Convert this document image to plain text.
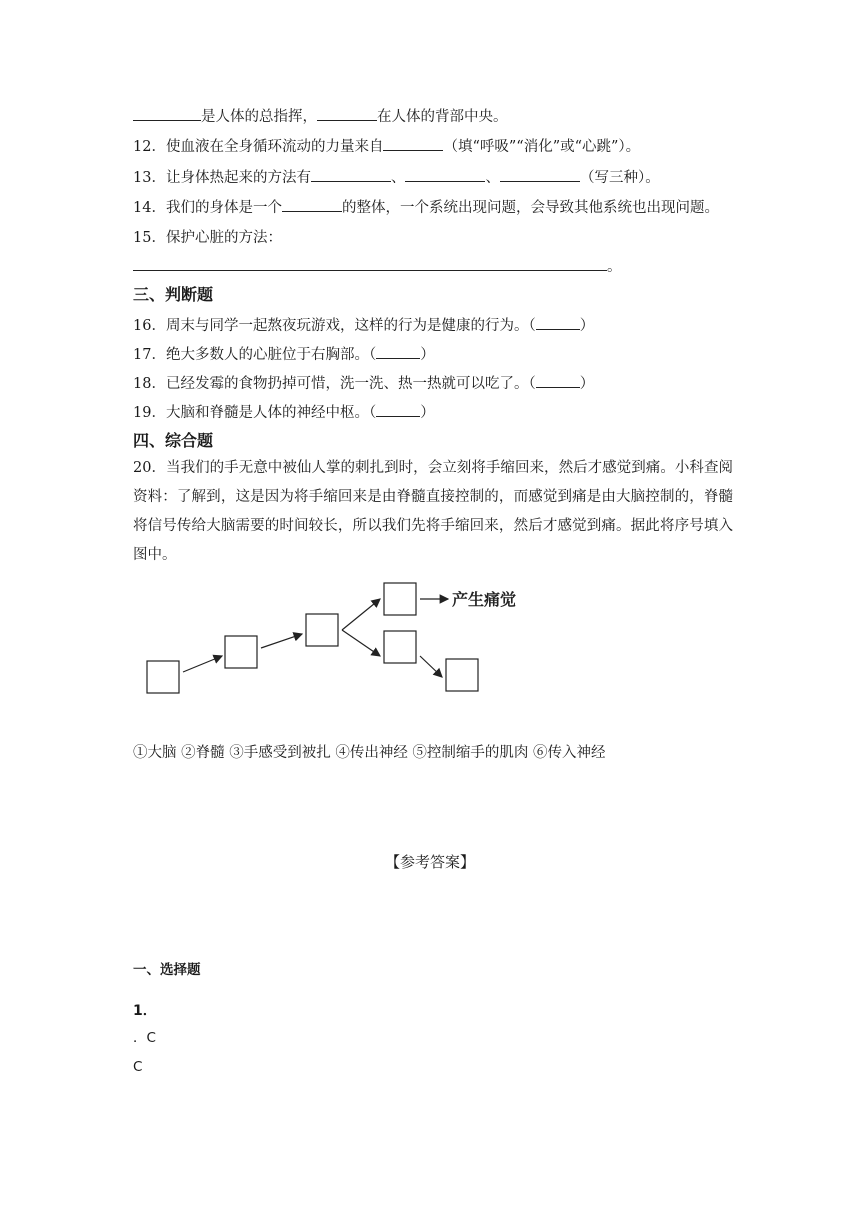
是人体的总指挥，	在人体的背部中央。
12．使血液在全身循环流动的力量来自	（填“呼吸”“消化”或“心跳”）。
13．让身体热起来的方法有	、	、	（写三种）。
14．我们的身体是一个	的整体，一个系统出现问题，会导致其他系统也出现问题。
15．保护心脏的方法：
。
三、判断题
16．周末与同学一起熬夜玩游戏，这样的行为是健康的行为。（	）
17．绝大多数人的心脏位于右胸部。（	）
18．已经发霉的食物扔掉可惜，洗一洗、热一热就可以吃了。（	）
19．大脑和脊髓是人体的神经中枢。（	）
四、综合题
20．当我们的手无意中被仙人掌的刺扎到时，会立刻将手缩回来，然后才感觉到痛。小科查阅资料：了解到，这是因为将手缩回来是由脊髓直接控制的，而感觉到痛是由大脑控制的，脊髓将信号传给大脑需要的时间较长，所以我们先将手缩回来，然后才感觉到痛。据此将序号填入图中。
产生痛觉
①大脑 ②脊髓 ③手感受到被扎 ④传出神经 ⑤控制缩手的肌肉 ⑥传入神经
【参考答案】
一、选择题
1．
．C
C
